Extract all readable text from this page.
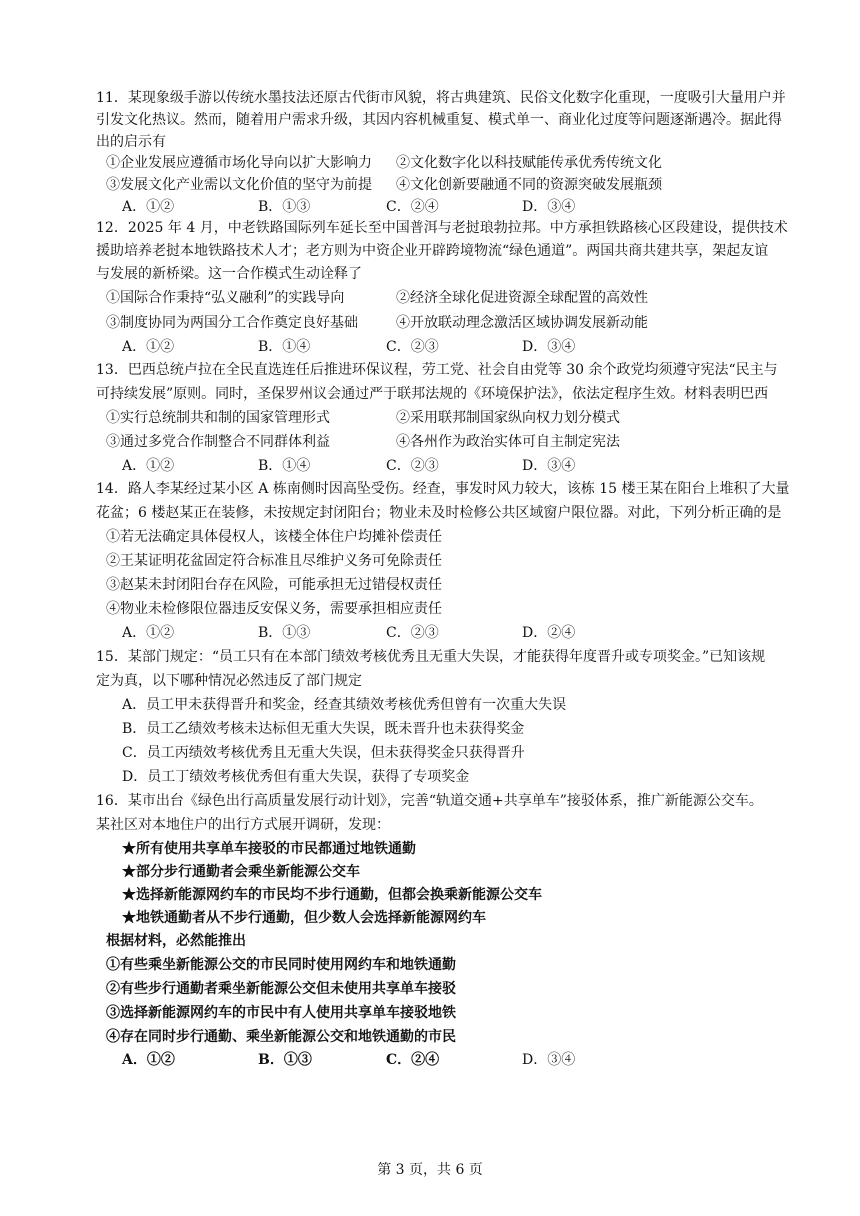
11．某现象级手游以传统水墨技法还原古代街市风貌，将古典建筑、民俗文化数字化重现，一度吸引大量用户并
引发文化热议。然而，随着用户需求升级，其因内容机械重复、模式单一、商业化过度等问题逐渐遇冷。据此得
出的启示有
①企业发展应遵循市场化导向以扩大影响力 ②文化数字化以科技赋能传承优秀传统文化
③发展文化产业需以文化价值的坚守为前提 ④文化创新要融通不同的资源突破发展瓶颈
A．①②	B．①③	C．②④	D．③④
12．2025 年 4 月，中老铁路国际列车延长至中国普洱与老挝琅勃拉邦。中方承担铁路核心区段建设，提供技术
援助培养老挝本地铁路技术人才；老方则为中资企业开辟跨境物流“绿色通道”。两国共商共建共享，架起友谊
与发展的新桥梁。这一合作模式生动诠释了
①国际合作秉持“弘义融利”的实践导向	②经济全球化促进资源全球配置的高效性
③制度协同为两国分工合作奠定良好基础	④开放联动理念激活区域协调发展新动能
A．①②	B．①④	C．②③	D．③④
13．巴西总统卢拉在全民直选连任后推进环保议程，劳工党、社会自由党等 30 余个政党均须遵守宪法“民主与
可持续发展”原则。同时，圣保罗州议会通过严于联邦法规的《环境保护法》，依法定程序生效。材料表明巴西
①实行总统制共和制的国家管理形式	②采用联邦制国家纵向权力划分模式
③通过多党合作制整合不同群体利益	④各州作为政治实体可自主制定宪法
A．①②	B．①④	C．②③	D．③④
14．路人李某经过某小区 A 栋南侧时因高坠受伤。经查，事发时风力较大，该栋 15 楼王某在阳台上堆积了大量
花盆；6 楼赵某正在装修，未按规定封闭阳台；物业未及时检修公共区域窗户限位器。对此，下列分析正确的是
①若无法确定具体侵权人，该楼全体住户均摊补偿责任
②王某证明花盆固定符合标准且尽维护义务可免除责任
③赵某未封闭阳台存在风险，可能承担无过错侵权责任
④物业未检修限位器违反安保义务，需要承担相应责任
A．①②	B．①③	C．②③	D．②④
15．某部门规定：“员工只有在本部门绩效考核优秀且无重大失误，才能获得年度晋升或专项奖金。”已知该规
定为真，以下哪种情况必然违反了部门规定
A．员工甲未获得晋升和奖金，经查其绩效考核优秀但曾有一次重大失误
B．员工乙绩效考核未达标但无重大失误，既未晋升也未获得奖金
C．员工丙绩效考核优秀且无重大失误，但未获得奖金只获得晋升
D．员工丁绩效考核优秀但有重大失误，获得了专项奖金
16．某市出台《绿色出行高质量发展行动计划》，完善“轨道交通+共享单车”接驳体系，推广新能源公交车。
某社区对本地住户的出行方式展开调研，发现：
★所有使用共享单车接驳的市民都通过地铁通勤
★部分步行通勤者会乘坐新能源公交车
★选择新能源网约车的市民均不步行通勤，但都会换乘新能源公交车
★地铁通勤者从不步行通勤，但少数人会选择新能源网约车
根据材料，必然能推出
①有些乘坐新能源公交的市民同时使用网约车和地铁通勤
②有些步行通勤者乘坐新能源公交但未使用共享单车接驳
③选择新能源网约车的市民中有人使用共享单车接驳地铁
④存在同时步行通勤、乘坐新能源公交和地铁通勤的市民
A．①②	B．①③	C．②④	D．③④
第 3 页，共 6 页
